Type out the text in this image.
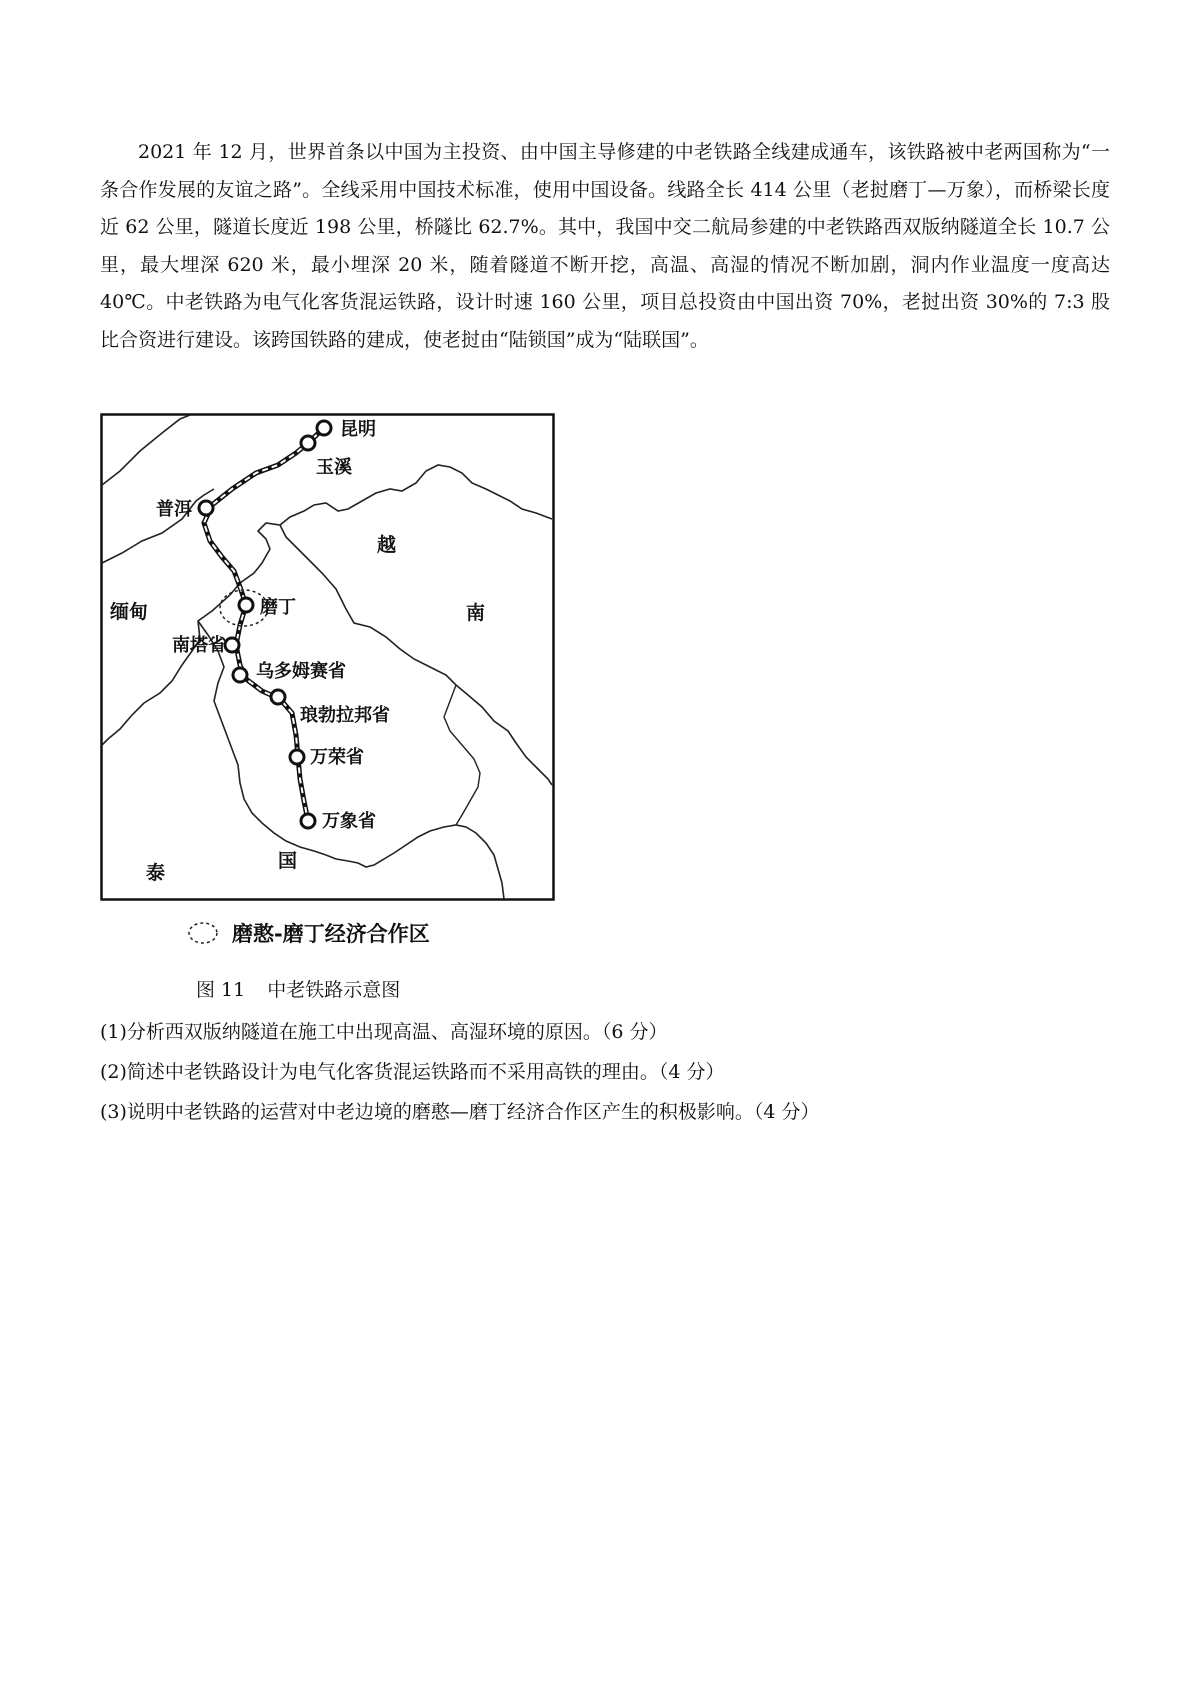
2021 年 12 月，世界首条以中国为主投资、由中国主导修建的中老铁路全线建成通车，该铁路被中老两国称为“一条合作发展的友谊之路”。全线采用中国技术标准，使用中国设备。线路全长 414 公里（老挝磨丁—万象），而桥梁长度近 62 公里，隧道长度近 198 公里，桥隧比 62.7%。其中，我国中交二航局参建的中老铁路西双版纳隧道全长 10.7 公里，最大埋深 620 米，最小埋深 20 米，随着隧道不断开挖，高温、高湿的情况不断加剧，洞内作业温度一度高达 40℃。中老铁路为电气化客货混运铁路，设计时速 160 公里，项目总投资由中国出资 70%，老挝出资 30%的 7:3 股比合资进行建设。该跨国铁路的建成，使老挝由“陆锁国”成为“陆联国”。

昆明
玉溪
普洱
磨丁
南塔省
乌多姆赛省
琅勃拉邦省
万荣省
万象省
缅甸
越
南
泰
国
磨憨-磨丁经济合作区

图 11 中老铁路示意图

(1)分析西双版纳隧道在施工中出现高温、高湿环境的原因。（6 分）
(2)简述中老铁路设计为电气化客货混运铁路而不采用高铁的理由。（4 分）
(3)说明中老铁路的运营对中老边境的磨憨—磨丁经济合作区产生的积极影响。（4 分）
